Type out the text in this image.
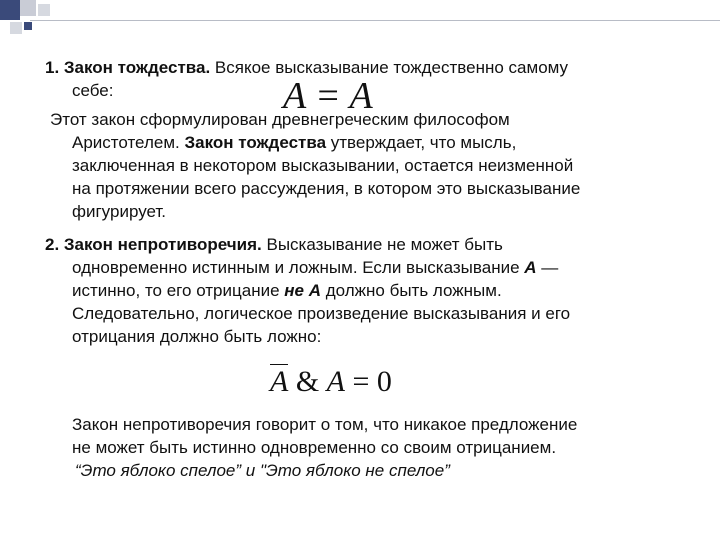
1. Закон тождества. Всякое высказывание тождественно самому
себе:	A = A
Этот закон сформулирован древнегреческим философом
Аристотелем. Закон тождества утверждает, что мысль,
заключенная в некотором высказывании, остается неизменной
на протяжении всего рассуждения, в котором это высказывание
фигурирует.
2. Закон непротиворечия. Высказывание не может быть
одновременно истинным и ложным. Если высказывание А —
истинно, то его отрицание не А должно быть ложным.
Следовательно, логическое произведение высказывания и его
отрицания должно быть ложно:
A & A = 0
Закон непротиворечия говорит о том, что никакое предложение
не может быть истинно одновременно со своим отрицанием.
“Это яблоко спелое” и "Это яблоко не спелое”
